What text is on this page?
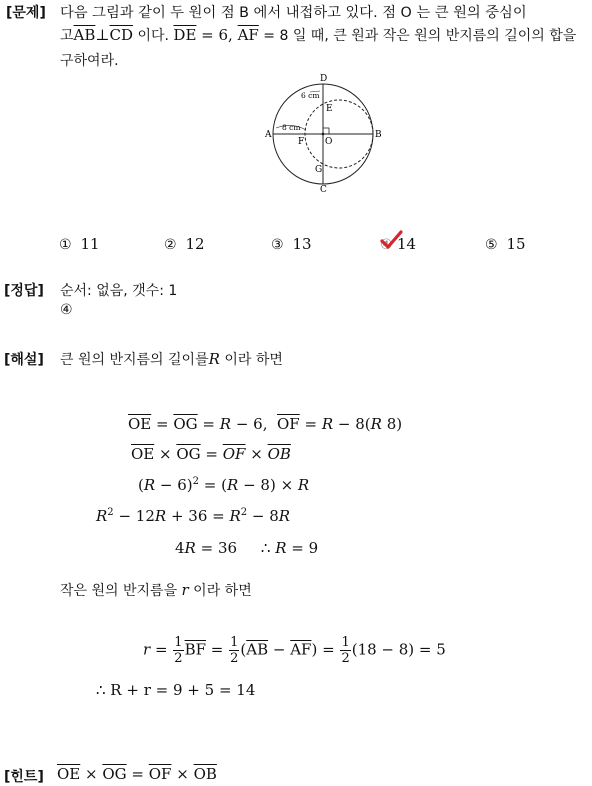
[문제] 다음 그림과 같이 두 원이 점 B 에서 내접하고 있다. 점 O 는 큰 원의 중심이
고$\overline{AB}\perp\overline{CD}$ 이다. $\overline{DE} = 6$, $\overline{AF} = 8$ 일 때, 큰 원과 작은 원의 반지름의 길이의 합을
구하여라.
D
C
A	B
E
F O
G
6 cm
8 cm
① 11	② 12	③ 13	④ 14	⑤ 15
[정답] 순서: 없음, 갯수: 1
④
[해설] 큰 원의 반지름의 길이를R 이라 하면
$\overline{OE} = \overline{OG} = R - 6$,  $\overline{OF} = R - 8(R$ 8)
$\overline{OE} \times \overline{OG} = \overline{OF} \times \overline{OB}$
$(R - 6)^2 = (R - 8) \times R$
$R^2 - 12R + 36 = R^2 - 8R$
4R = 36     ∴ R = 9
작은 원의 반지름을 r 이라 하면
$r = \frac{1}{2} \overline{BF} = \frac{1}{2} (\overline{AB} - \overline{AF}) = \frac{1}{2} (18 - 8) = 5$
∴ R + r = 9 + 5 = 14
[힌트] $\overline{OE} \times \overline{OG} = \overline{OF} \times \overline{OB}$
